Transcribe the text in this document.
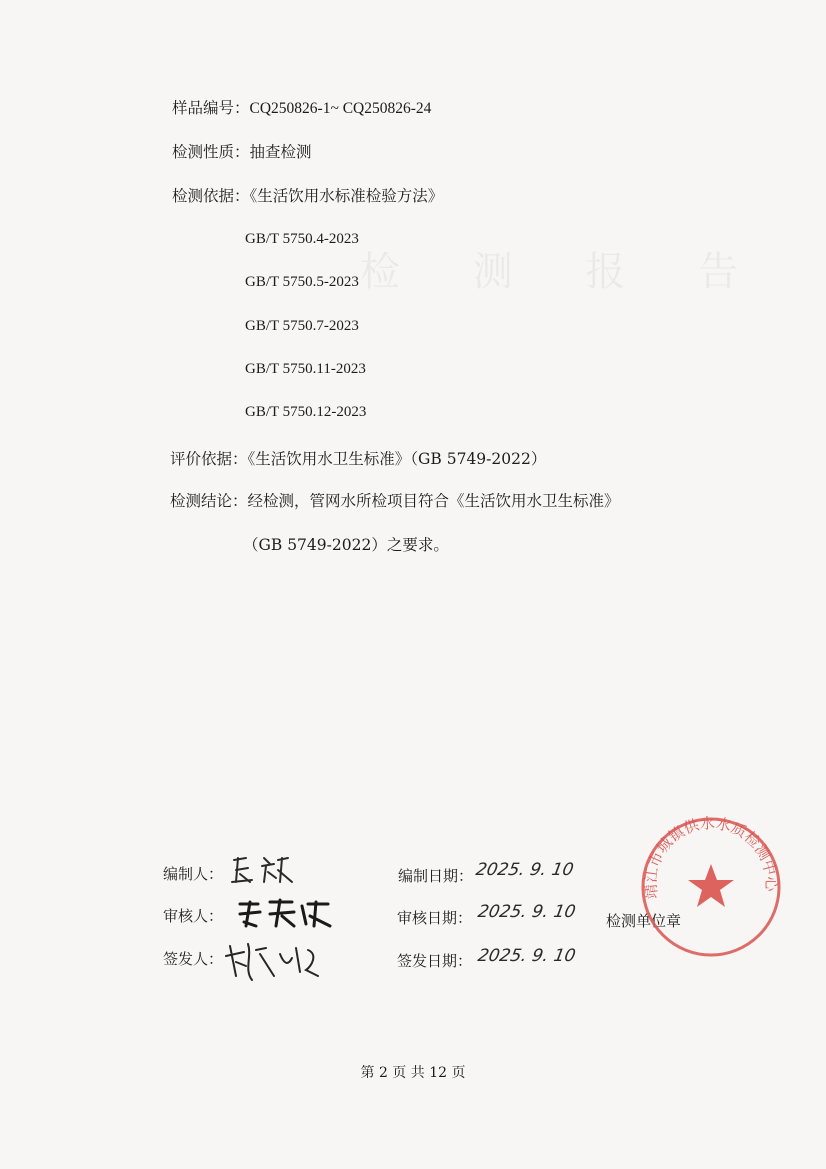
检 测 报 告
样品编号：CQ250826-1~ CQ250826-24
检测性质：抽查检测
检测依据：《生活饮用水标准检验方法》
GB/T 5750.4-2023
GB/T 5750.5-2023
GB/T 5750.7-2023
GB/T 5750.11-2023
GB/T 5750.12-2023
评价依据：《生活饮用水卫生标准》（GB 5749-2022）
检测结论：经检测，管网水所检项目符合《生活饮用水卫生标准》
（GB 5749-2022）之要求。
编制人：
审核人：
签发人：
编制日期：
审核日期：
签发日期：
检测单位章
2025. 9. 10
2025. 9. 10
2025. 9. 10
靖江市城镇供水水质检测中心
第 2 页 共 12 页
